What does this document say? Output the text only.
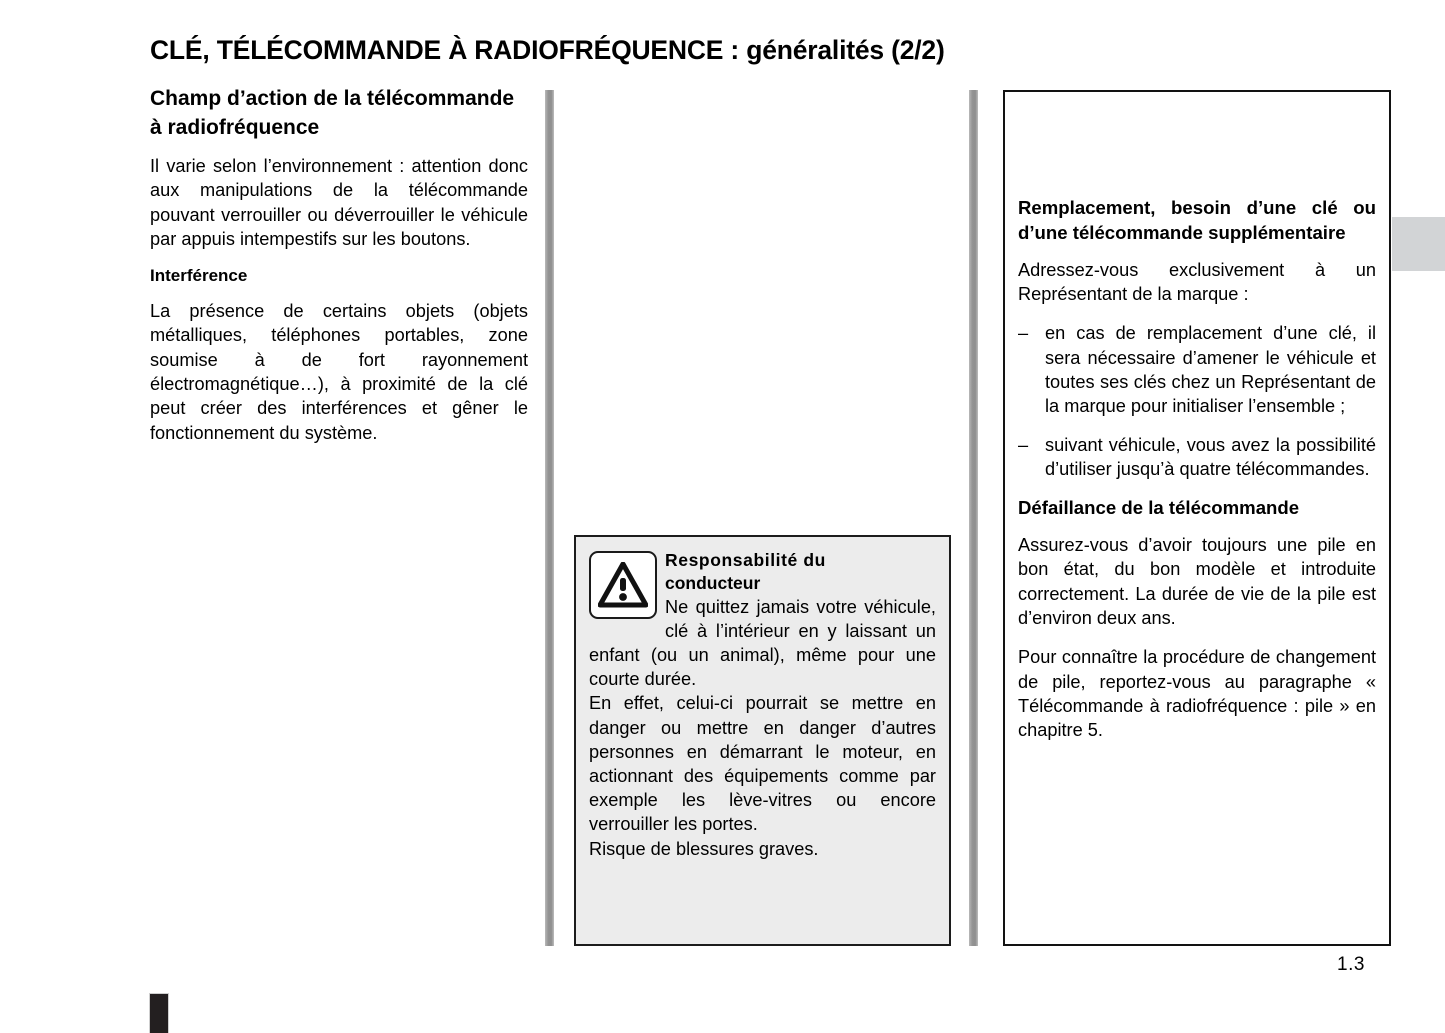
CLÉ, TÉLÉCOMMANDE À RADIOFRÉQUENCE : généralités (2/2)
Champ d’action de la télécommande à radiofréquence

Il varie selon l’environnement : attention donc aux manipulations de la télécommande pouvant verrouiller ou déverrouiller le véhicule par appuis intempestifs sur les boutons.

Interférence

La présence de certains objets (objets métalliques, téléphones portables, zone soumise à de fort rayonnement électromagnétique…), à proximité de la clé peut créer des interférences et gêner le fonctionnement du système.

Responsabilité du
conducteur

Ne quittez jamais votre véhicule, clé à l’intérieur en y laissant un enfant (ou un animal), même pour une courte durée.

En effet, celui-ci pourrait se mettre en danger ou mettre en danger d’autres personnes en démarrant le moteur, en actionnant des équipements comme par exemple les lève-vitres ou encore verrouiller les portes.

Risque de blessures graves.

Remplacement, besoin d’une clé ou d’une télécommande supplémentaire

Adressez-vous exclusivement à un Représentant de la marque :

– en cas de remplacement d’une clé, il sera nécessaire d’amener le véhicule et toutes ses clés chez un Représentant de la marque pour initialiser l’ensemble ;
– suivant véhicule, vous avez la possibilité d’utiliser jusqu’à quatre télécommandes.
Défaillance de la télécommande

Assurez-vous d’avoir toujours une pile en bon état, du bon modèle et introduite correctement. La durée de vie de la pile est d’environ deux ans.

Pour connaître la procédure de changement de pile, reportez-vous au paragraphe « Télécommande à radiofréquence : pile » en chapitre 5.

1.3
